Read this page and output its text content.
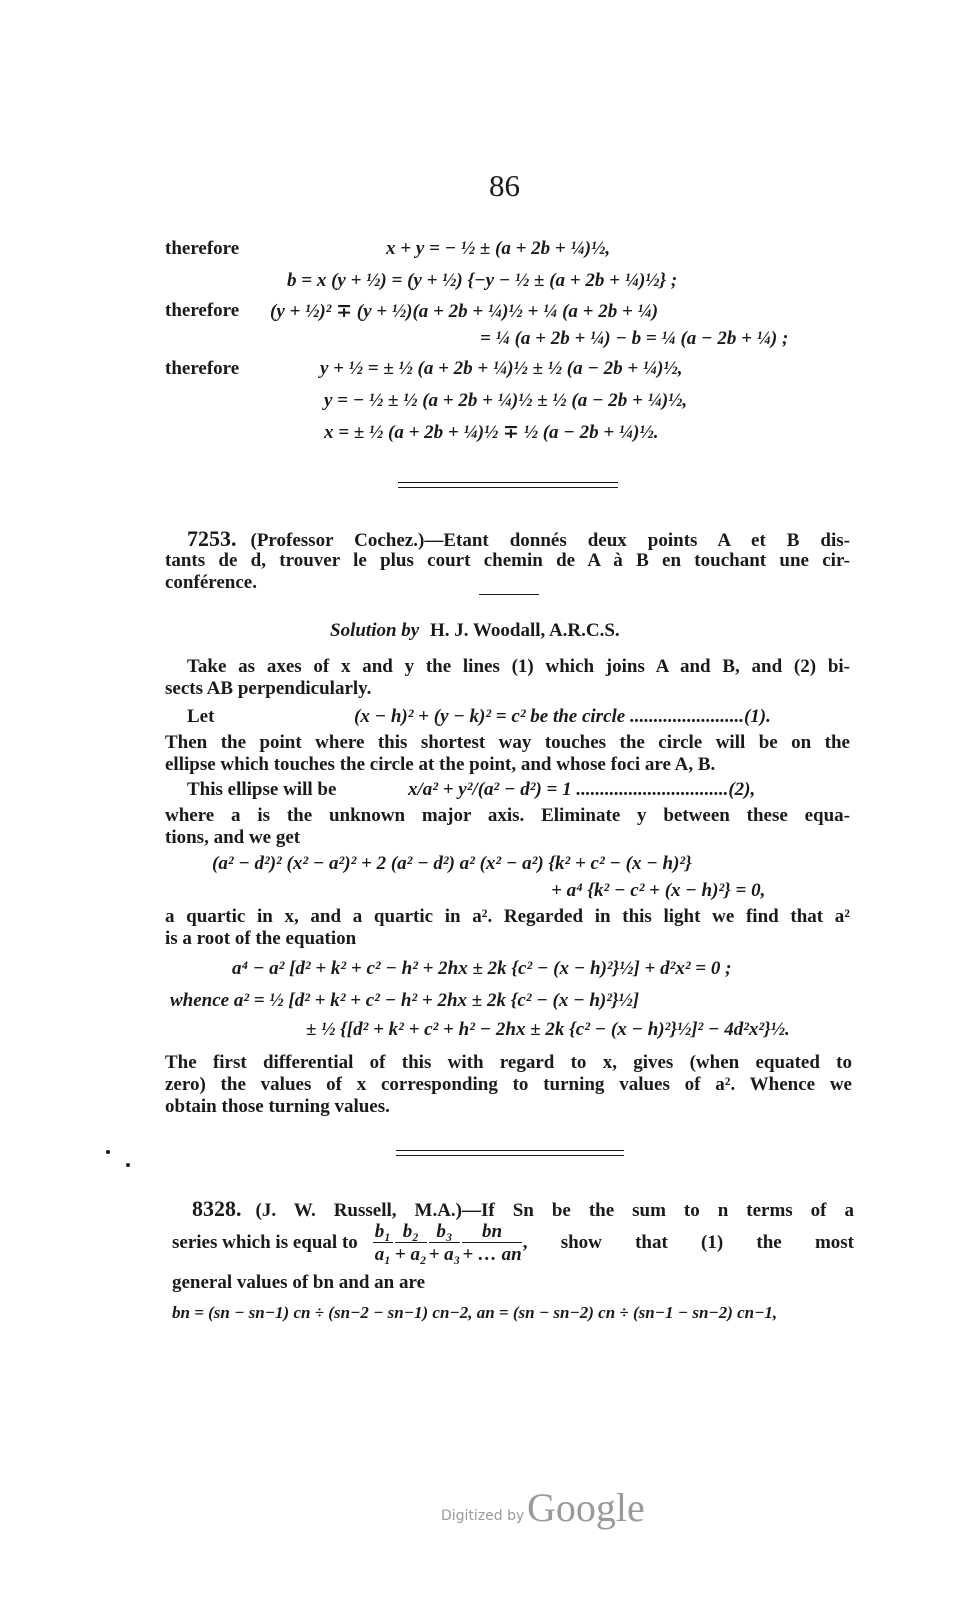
86
therefore	x + y = − ½ ± (a + 2b + ¼)½,
b = x (y + ½) = (y + ½) {−y − ½ ± (a + 2b + ¼)½} ;
therefore (y + ½)² ∓ (y + ½)(a + 2b + ¼)½ + ¼ (a + 2b + ¼)
= ¼ (a + 2b + ¼) − b = ¼ (a − 2b + ¼) ;
therefore	y + ½ = ± ½ (a + 2b + ¼)½ ± ½ (a − 2b + ¼)½,
y = − ½ ± ½ (a + 2b + ¼)½ ± ½ (a − 2b + ¼)½,
x = ± ½ (a + 2b + ¼)½ ∓ ½ (a − 2b + ¼)½.
7253. (Professor Cochez.)—Etant donnés deux points A et B dis-
tants de d, trouver le plus court chemin de A à B en touchant une cir-
conférence.
Solution by H. J. Woodall, A.R.C.S.
Take as axes of x and y the lines (1) which joins A and B, and (2) bi-
sects AB perpendicularly.
Let	(x − h)² + (y − k)² = c² be the circle ........................(1).
Then the point where this shortest way touches the circle will be on the
ellipse which touches the circle at the point, and whose foci are A, B.
This ellipse will be	x/a² + y²/(a² − d²) = 1 ................................(2),
where a is the unknown major axis. Eliminate y between these equa-
tions, and we get
(a² − d²)² (x² − a²)² + 2 (a² − d²) a² (x² − a²) {k² + c² − (x − h)²}
+ a⁴ {k² − c² + (x − h)²} = 0,
a quartic in x, and a quartic in a². Regarded in this light we find that a²
is a root of the equation
a⁴ − a² [d² + k² + c² − h² + 2hx ± 2k {c² − (x − h)²}½] + d²x² = 0 ;
whence a² = ½ [d² + k² + c² − h² + 2hx ± 2k {c² − (x − h)²}½]
± ½ {[d² + k² + c² + h² − 2hx ± 2k {c² − (x − h)²}½]² − 4d²x²}½.
The first differential of this with regard to x, gives (when equated to
zero) the values of x corresponding to turning values of a². Whence we
obtain those turning values.
8328. (J. W. Russell, M.A.)—If Sn be the sum to n terms of a
series which is equal to $\frac{\text{b₁}}{\text{a₁}} \frac{\text{b₂}}{\text{+ a₂}} \frac{\text{b₃}}{\text{+ a₃}} \frac{bn}{+ \dots an}$ , show that (1) the most
general values of bn and an are
bn = (sn − sn−1) cn ÷ (sn−2 − sn−1) cn−2, an = (sn − sn−2) cn ÷ (sn−1 − sn−2) cn−1,
Digitized by Google
